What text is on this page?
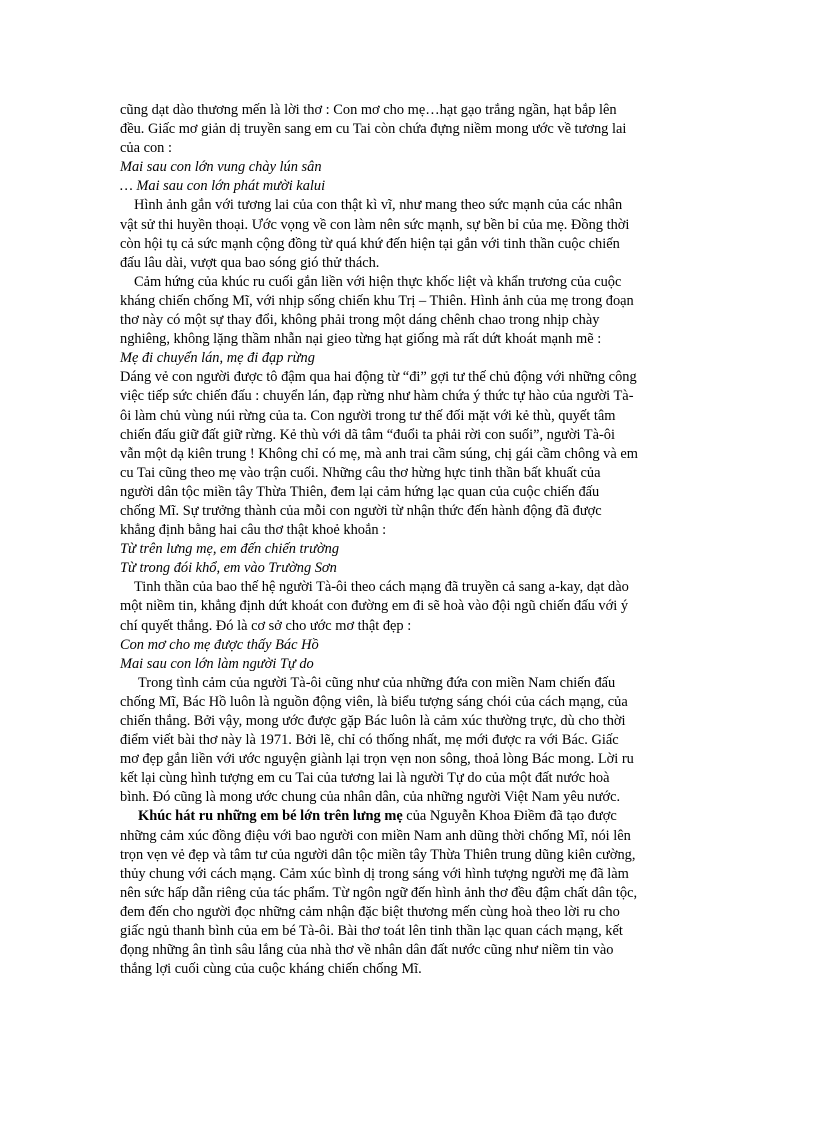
cũng dạt dào thương mến là lời thơ : Con mơ cho mẹ…hạt gạo trắng ngần, hạt bắp lên
đều. Giấc mơ giản dị truyền sang em cu Tai còn chứa đựng niềm mong ước về tương lai
của con :
Mai sau con lớn vung chày lún sân
… Mai sau con lớn phát mười kalui
Hình ảnh gắn với tương lai của con thật kì vĩ, như mang theo sức mạnh của các nhân
vật sử thi huyền thoại. Ước vọng về con làm nên sức mạnh, sự bền bỉ của mẹ. Đồng thời
còn hội tụ cả sức mạnh cộng đồng từ quá khứ đến hiện tại gắn với tinh thần cuộc chiến
đấu lâu dài, vượt qua bao sóng gió thử thách.
Cảm hứng của khúc ru cuối gắn liền với hiện thực khốc liệt và khẩn trương của cuộc
kháng chiến chống Mĩ, với nhịp sống chiến khu Trị – Thiên. Hình ảnh của mẹ trong đoạn
thơ này có một sự thay đổi, không phải trong một dáng chênh chao trong nhịp chày
nghiêng, không lặng thầm nhẫn nại gieo từng hạt giống mà rất dứt khoát mạnh mẽ :
Mẹ đi chuyển lán, mẹ đi đạp rừng
Dáng vẻ con người được tô đậm qua hai động từ “đi” gợi tư thế chủ động với những công
việc tiếp sức chiến đấu : chuyển lán, đạp rừng như hàm chứa ý thức tự hào của người Tà-
ôi làm chủ vùng núi rừng của ta. Con người trong tư thế đối mặt với kẻ thù, quyết tâm
chiến đấu giữ đất giữ rừng. Kẻ thù với dã tâm “đuổi ta phải rời con suối”, người Tà-ôi
vẫn một dạ kiên trung ! Không chỉ có mẹ, mà anh trai cầm súng, chị gái cầm chông và em
cu Tai cũng theo mẹ vào trận cuối. Những câu thơ hừng hực tinh thần bất khuất của
người dân tộc miền tây Thừa Thiên, đem lại cảm hứng lạc quan của cuộc chiến đấu
chống Mĩ. Sự trưởng thành của mỗi con người từ nhận thức đến hành động đã được
khẳng định bằng hai câu thơ thật khoẻ khoắn :
Từ trên lưng mẹ, em đến chiến trường
Từ trong đói khổ, em vào Trường Sơn
Tinh thần của bao thế hệ người Tà-ôi theo cách mạng đã truyền cả sang a-kay, dạt dào
một niềm tin, khẳng định dứt khoát con đường em đi sẽ hoà vào đội ngũ chiến đấu với ý
chí quyết thắng. Đó là cơ sở cho ước mơ thật đẹp :
Con mơ cho mẹ được thấy Bác Hồ
Mai sau con lớn làm người Tự do
Trong tình cảm của người Tà-ôi cũng như của những đứa con miền Nam chiến đấu
chống Mĩ, Bác Hồ luôn là nguồn động viên, là biểu tượng sáng chói của cách mạng, của
chiến thắng. Bởi vậy, mong ước được gặp Bác luôn là cảm xúc thường trực, dù cho thời
điểm viết bài thơ này là 1971. Bởi lẽ, chỉ có thống nhất, mẹ mới được ra với Bác. Giấc
mơ đẹp gắn liền với ước nguyện giành lại trọn vẹn non sông, thoả lòng Bác mong. Lời ru
kết lại cùng hình tượng em cu Tai của tương lai là người Tự do của một đất nước hoà
bình. Đó cũng là mong ước chung của nhân dân, của những người Việt Nam yêu nước.
Khúc hát ru những em bé lớn trên lưng mẹ của Nguyễn Khoa Điềm đã tạo được
những cảm xúc đồng điệu với bao người con miền Nam anh dũng thời chống Mĩ, nói lên
trọn vẹn vẻ đẹp và tâm tư của người dân tộc miền tây Thừa Thiên trung dũng kiên cường,
thủy chung với cách mạng. Cảm xúc bình dị trong sáng với hình tượng người mẹ đã làm
nên sức hấp dẫn riêng của tác phẩm. Từ ngôn ngữ đến hình ảnh thơ đều đậm chất dân tộc,
đem đến cho người đọc những cảm nhận đặc biệt thương mến cùng hoà theo lời ru cho
giấc ngủ thanh bình của em bé Tà-ôi. Bài thơ toát lên tinh thần lạc quan cách mạng, kết
đọng những ân tình sâu lắng của nhà thơ về nhân dân đất nước cũng như niềm tin vào
thắng lợi cuối cùng của cuộc kháng chiến chống Mĩ.
